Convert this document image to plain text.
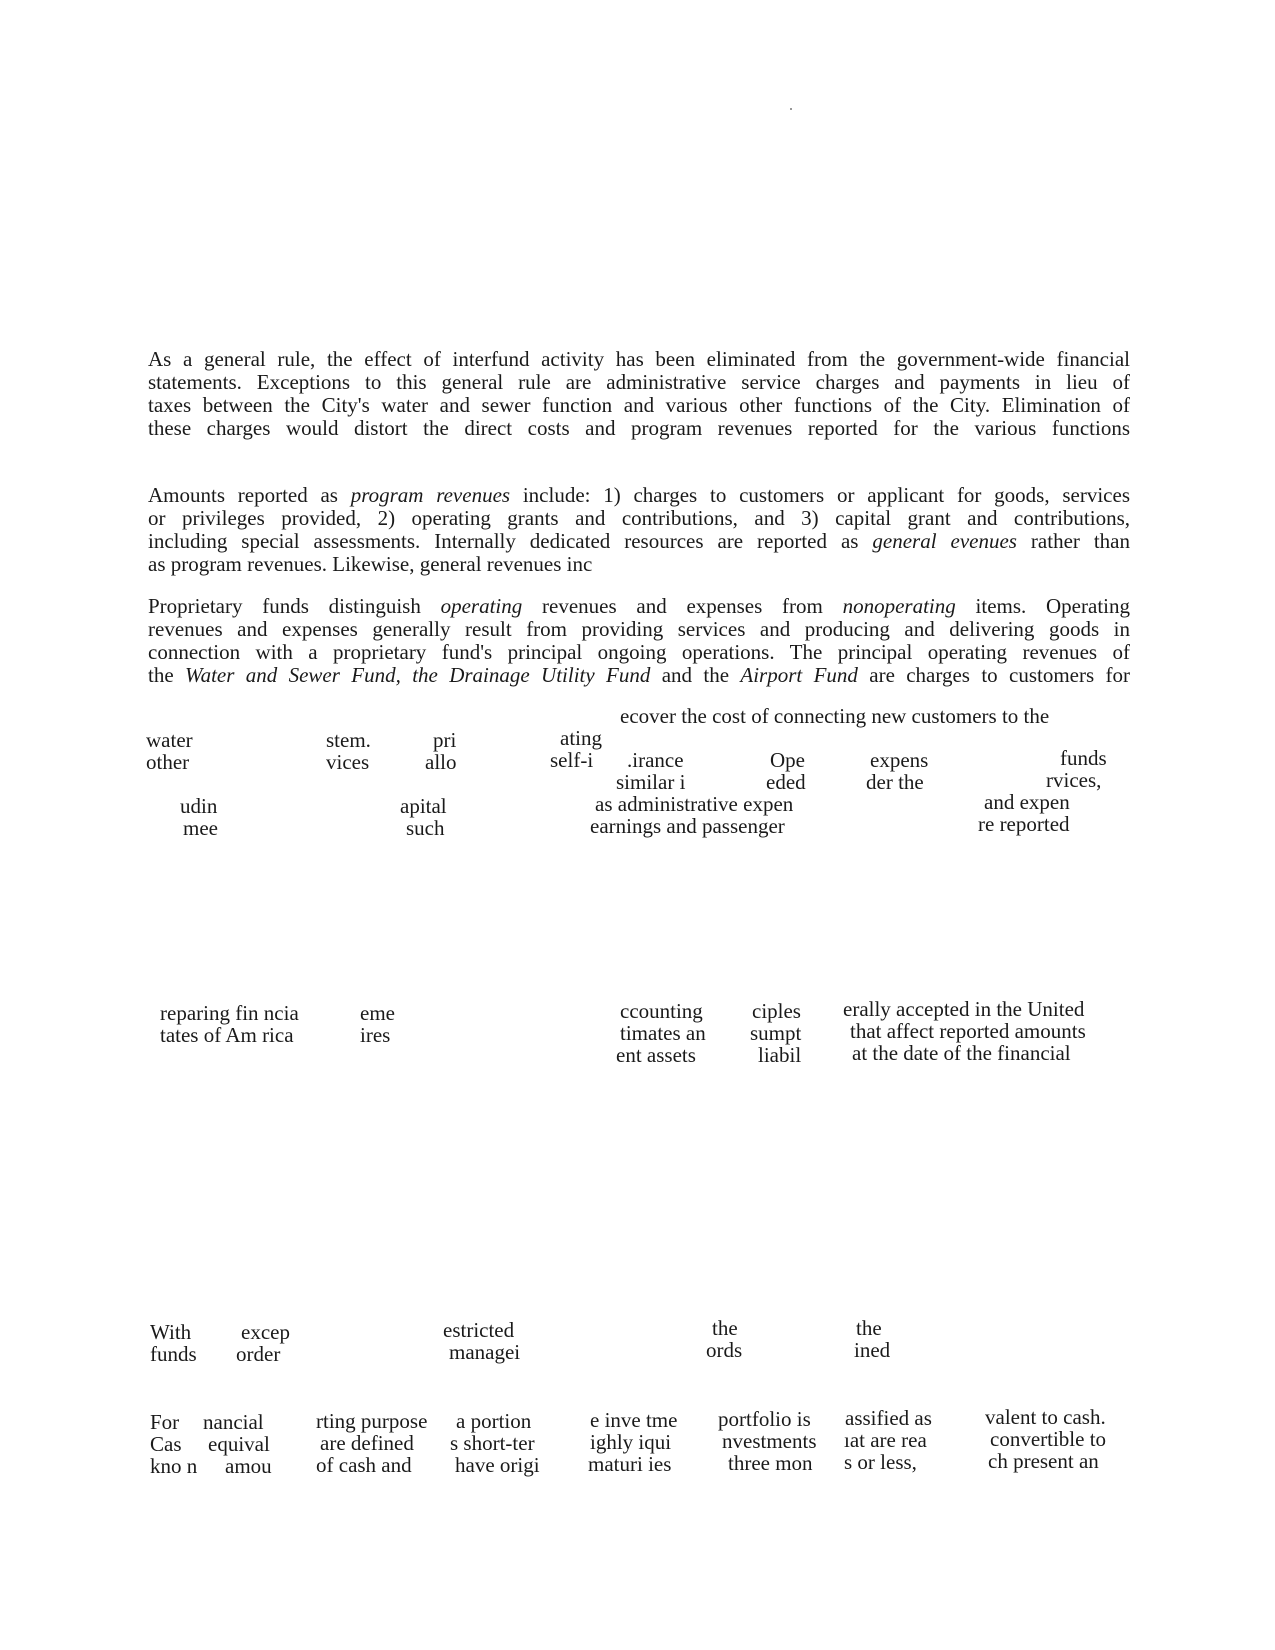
As a general rule, the effect of interfund activity has been eliminated from the government-wide financial
statements. Exceptions to this general rule are administrative service charges and payments in lieu of
taxes between the City's water and sewer function and various other functions of the City. Elimination of
these charges would distort the direct costs and program revenues reported for the various functions
Amounts reported as program revenues include: 1) charges to customers or applicant for goods, services
or privileges provided, 2) operating grants and contributions, and 3) capital grant and contributions,
including special assessments. Internally dedicated resources are reported as general evenues rather than
as program revenues. Likewise, general revenues inc
Proprietary funds distinguish operating revenues and expenses from nonoperating items. Operating
revenues and expenses generally result from providing services and producing and delivering goods in
connection with a proprietary fund's principal ongoing operations. The principal operating revenues of
the Water and Sewer Fund, the Drainage Utility Fund and the Airport Fund are charges to customers for
ecover the cost of connecting new customers to the
water
other
stem.
vices
pri
allo
ating
self-i .irance
similar i
Ope
eded
expens
der the
funds
rvices,
udin
mee
apital
such
as administrative expen
earnings and passenger
and expen
re reported
reparing fin ncia
tates of Am rica
eme
ires
ccounting
timates an
ent assets
ciples
sumpt
liabil
erally accepted in the United
that affect reported amounts
at the date of the financial
With
funds
excep
order
estricted
managei
the
ords
the
ined
For
Cas
kno n
nancial
equival
amou
rting purpose
are defined
of cash and
a portion
s short-ter
have origi
e inve tme
ighly iqui
maturi ies
portfolio is
nvestments
three mon
assified as
ıat are rea
s or less,
valent to cash.
convertible to
ch present an
